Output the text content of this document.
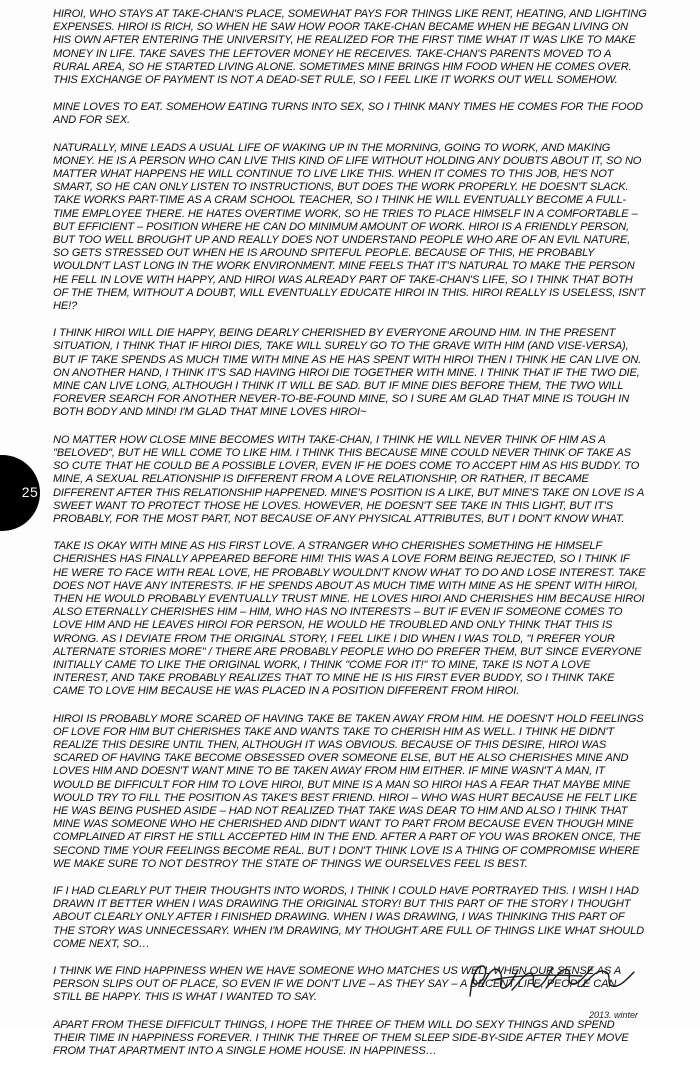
25

HIROI, WHO STAYS AT TAKE-CHAN'S PLACE, SOMEWHAT PAYS FOR THINGS LIKE RENT, HEATING, AND LIGHTING EXPENSES. HIROI IS RICH, SO WHEN HE SAW HOW POOR TAKE-CHAN BECAME WHEN HE BEGAN LIVING ON HIS OWN AFTER ENTERING THE UNIVERSITY, HE REALIZED FOR THE FIRST TIME WHAT IT WAS LIKE TO MAKE MONEY IN LIFE. TAKE SAVES THE LEFTOVER MONEY HE RECEIVES. TAKE-CHAN'S PARENTS MOVED TO A RURAL AREA, SO HE STARTED LIVING ALONE. SOMETIMES MINE BRINGS HIM FOOD WHEN HE COMES OVER. THIS EXCHANGE OF PAYMENT IS NOT A DEAD-SET RULE, SO I FEEL LIKE IT WORKS OUT WELL SOMEHOW.

MINE LOVES TO EAT. SOMEHOW EATING TURNS INTO SEX, SO I THINK MANY TIMES HE COMES FOR THE FOOD AND FOR SEX.

NATURALLY, MINE LEADS A USUAL LIFE OF WAKING UP IN THE MORNING, GOING TO WORK, AND MAKING MONEY. HE IS A PERSON WHO CAN LIVE THIS KIND OF LIFE WITHOUT HOLDING ANY DOUBTS ABOUT IT, SO NO MATTER WHAT HAPPENS HE WILL CONTINUE TO LIVE LIKE THIS. WHEN IT COMES TO THIS JOB, HE'S NOT SMART, SO HE CAN ONLY LISTEN TO INSTRUCTIONS, BUT DOES THE WORK PROPERLY. HE DOESN'T SLACK. TAKE WORKS PART-TIME AS A CRAM SCHOOL TEACHER, SO I THINK HE WILL EVENTUALLY BECOME A FULL-TIME EMPLOYEE THERE. HE HATES OVERTIME WORK, SO HE TRIES TO PLACE HIMSELF IN A COMFORTABLE – BUT EFFICIENT – POSITION WHERE HE CAN DO MINIMUM AMOUNT OF WORK. HIROI IS A FRIENDLY PERSON, BUT TOO WELL BROUGHT UP AND REALLY DOES NOT UNDERSTAND PEOPLE WHO ARE OF AN EVIL NATURE, SO GETS STRESSED OUT WHEN HE IS AROUND SPITEFUL PEOPLE. BECAUSE OF THIS, HE PROBABLY WOULDN'T LAST LONG IN THE WORK ENVIRONMENT. MINE FEELS THAT IT'S NATURAL TO MAKE THE PERSON HE FELL IN LOVE WITH HAPPY, AND HIROI WAS ALREADY PART OF TAKE-CHAN'S LIFE, SO I THINK THAT BOTH OF THE THEM, WITHOUT A DOUBT, WILL EVENTUALLY EDUCATE HIROI IN THIS. HIROI REALLY IS USELESS, ISN'T HE!?

I THINK HIROI WILL DIE HAPPY, BEING DEARLY CHERISHED BY EVERYONE AROUND HIM. IN THE PRESENT SITUATION, I THINK THAT IF HIROI DIES, TAKE WILL SURELY GO TO THE GRAVE WITH HIM (AND VISE-VERSA), BUT IF TAKE SPENDS AS MUCH TIME WITH MINE AS HE HAS SPENT WITH HIROI THEN I THINK HE CAN LIVE ON. ON ANOTHER HAND, I THINK IT'S SAD HAVING HIROI DIE TOGETHER WITH MINE. I THINK THAT IF THE TWO DIE, MINE CAN LIVE LONG, ALTHOUGH I THINK IT WILL BE SAD. BUT IF MINE DIES BEFORE THEM, THE TWO WILL FOREVER SEARCH FOR ANOTHER NEVER-TO-BE-FOUND MINE, SO I SURE AM GLAD THAT MINE IS TOUGH IN BOTH BODY AND MIND! I'M GLAD THAT MINE LOVES HIROI~

NO MATTER HOW CLOSE MINE BECOMES WITH TAKE-CHAN, I THINK HE WILL NEVER THINK OF HIM AS A "BELOVED", BUT HE WILL COME TO LIKE HIM. I THINK THIS BECAUSE MINE COULD NEVER THINK OF TAKE AS SO CUTE THAT HE COULD BE A POSSIBLE LOVER, EVEN IF HE DOES COME TO ACCEPT HIM AS HIS BUDDY. TO MINE, A SEXUAL RELATIONSHIP IS DIFFERENT FROM A LOVE RELATIONSHIP, OR RATHER, IT BECAME DIFFERENT AFTER THIS RELATIONSHIP HAPPENED. MINE'S POSITION IS A LIKE, BUT MINE'S TAKE ON LOVE IS A SWEET WANT TO PROTECT THOSE HE LOVES. HOWEVER, HE DOESN'T SEE TAKE IN THIS LIGHT, BUT IT'S PROBABLY, FOR THE MOST PART, NOT BECAUSE OF ANY PHYSICAL ATTRIBUTES, BUT I DON'T KNOW WHAT.

TAKE IS OKAY WITH MINE AS HIS FIRST LOVE. A STRANGER WHO CHERISHES SOMETHING HE HIMSELF CHERISHES HAS FINALLY APPEARED BEFORE HIM! THIS WAS A LOVE FORM BEING REJECTED, SO I THINK IF HE WERE TO FACE WITH REAL LOVE, HE PROBABLY WOULDN'T KNOW WHAT TO DO AND LOSE INTEREST. TAKE DOES NOT HAVE ANY INTERESTS. IF HE SPENDS ABOUT AS MUCH TIME WITH MINE AS HE SPENT WITH HIROI, THEN HE WOULD PROBABLY EVENTUALLY TRUST MINE. HE LOVES HIROI AND CHERISHES HIM BECAUSE HIROI ALSO ETERNALLY CHERISHES HIM – HIM, WHO HAS NO INTERESTS – BUT IF EVEN IF SOMEONE COMES TO LOVE HIM AND HE LEAVES HIROI FOR PERSON, HE WOULD HE TROUBLED AND ONLY THINK THAT THIS IS WRONG. AS I DEVIATE FROM THE ORIGINAL STORY, I FEEL LIKE I DID WHEN I WAS TOLD, "I PREFER YOUR ALTERNATE STORIES MORE" / THERE ARE PROBABLY PEOPLE WHO DO PREFER THEM, BUT SINCE EVERYONE INITIALLY CAME TO LIKE THE ORIGINAL WORK, I THINK "COME FOR IT!" TO MINE, TAKE IS NOT A LOVE INTEREST, AND TAKE PROBABLY REALIZES THAT TO MINE HE IS HIS FIRST EVER BUDDY, SO I THINK TAKE CAME TO LOVE HIM BECAUSE HE WAS PLACED IN A POSITION DIFFERENT FROM HIROI.

HIROI IS PROBABLY MORE SCARED OF HAVING TAKE BE TAKEN AWAY FROM HIM. HE DOESN'T HOLD FEELINGS OF LOVE FOR HIM BUT CHERISHES TAKE AND WANTS TAKE TO CHERISH HIM AS WELL. I THINK HE DIDN'T REALIZE THIS DESIRE UNTIL THEN, ALTHOUGH IT WAS OBVIOUS. BECAUSE OF THIS DESIRE, HIROI WAS SCARED OF HAVING TAKE BECOME OBSESSED OVER SOMEONE ELSE, BUT HE ALSO CHERISHES MINE AND LOVES HIM AND DOESN'T WANT MINE TO BE TAKEN AWAY FROM HIM EITHER. IF MINE WASN'T A MAN, IT WOULD BE DIFFICULT FOR HIM TO LOVE HIROI, BUT MINE IS A MAN SO HIROI HAS A FEAR THAT MAYBE MINE WOULD TRY TO FILL THE POSITION AS TAKE'S BEST FRIEND. HIROI – WHO WAS HURT BECAUSE HE FELT LIKE HE WAS BEING PUSHED ASIDE – HAD NOT REALIZED THAT TAKE WAS DEAR TO HIM AND ALSO I THINK THAT MINE WAS SOMEONE WHO HE CHERISHED AND DIDN'T WANT TO PART FROM BECAUSE EVEN THOUGH MINE COMPLAINED AT FIRST HE STILL ACCEPTED HIM IN THE END. AFTER A PART OF YOU WAS BROKEN ONCE, THE SECOND TIME YOUR FEELINGS BECOME REAL. BUT I DON'T THINK LOVE IS A THING OF COMPROMISE WHERE WE MAKE SURE TO NOT DESTROY THE STATE OF THINGS WE OURSELVES FEEL IS BEST.

IF I HAD CLEARLY PUT THEIR THOUGHTS INTO WORDS, I THINK I COULD HAVE PORTRAYED THIS. I WISH I HAD DRAWN IT BETTER WHEN I WAS DRAWING THE ORIGINAL STORY! BUT THIS PART OF THE STORY I THOUGHT ABOUT CLEARLY ONLY AFTER I FINISHED DRAWING. WHEN I WAS DRAWING, I WAS THINKING THIS PART OF THE STORY WAS UNNECESSARY. WHEN I'M DRAWING, MY THOUGHT ARE FULL OF THINGS LIKE WHAT SHOULD COME NEXT, SO…

I THINK WE FIND HAPPINESS WHEN WE HAVE SOMEONE WHO MATCHES US WELL WHEN OUR SENSE AS A PERSON SLIPS OUT OF PLACE, SO EVEN IF WE DON'T LIVE – AS THEY SAY – A DECENT LIFE, PEOPLE CAN STILL BE HAPPY. THIS IS WHAT I WANTED TO SAY.

APART FROM THESE DIFFICULT THINGS, I HOPE THE THREE OF THEM WILL DO SEXY THINGS AND SPEND THEIR TIME IN HAPPINESS FOREVER. I THINK THE THREE OF THEM SLEEP SIDE-BY-SIDE AFTER THEY MOVE FROM THAT APARTMENT INTO A SINGLE HOME HOUSE. IN HAPPINESS…

2013. winter
